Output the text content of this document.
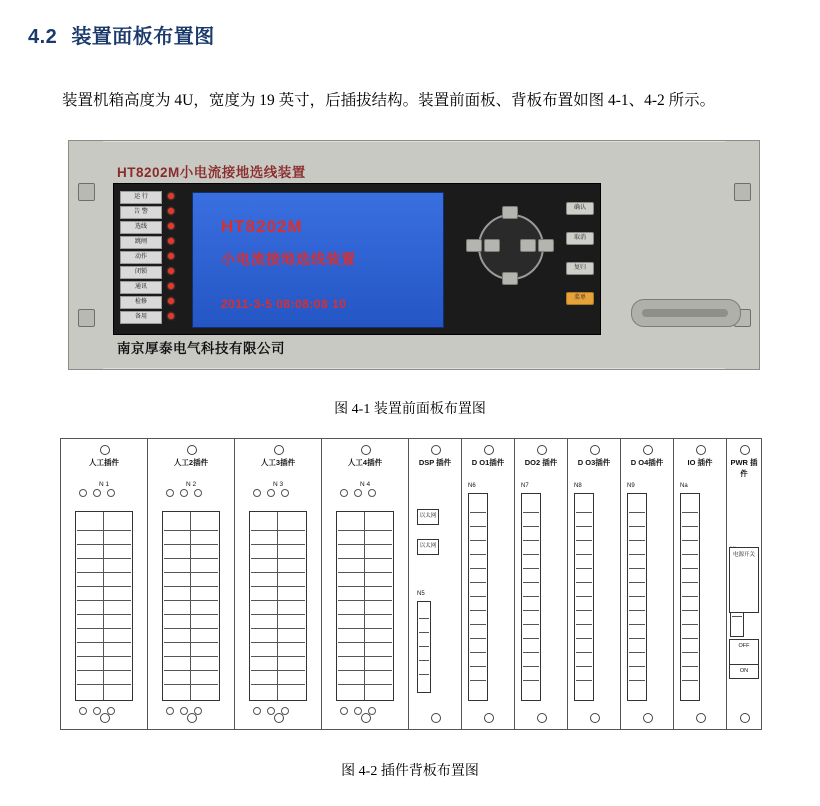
4.2 装置面板布置图
装置机箱高度为 4U，宽度为 19 英寸，后插拔结构。装置前面板、背板布置如图 4-1、4-2 所示。
HT8202M小电流接地选线装置
南京厚泰电气科技有限公司
运 行
告 警
选线
跳闸
动作
闭锁
通讯
检修
备用
HT8202M
小电流接地选线装置
2011-3-5 08:08:08 10
确认
取消
复归
菜单
图 4-1 装置前面板布置图
人工插件
N 1
人工2插件
N 2
人工3插件
N 3
人工4插件
N 4
DSP 插件
以太网
以太网
N5
D O1插件
N6
DO2 插件
N7
D O3插件
N8
D O4插件
N9
IO 插件
Na
PWR 插件
电源开关
OFF
ON
图 4-2 插件背板布置图
